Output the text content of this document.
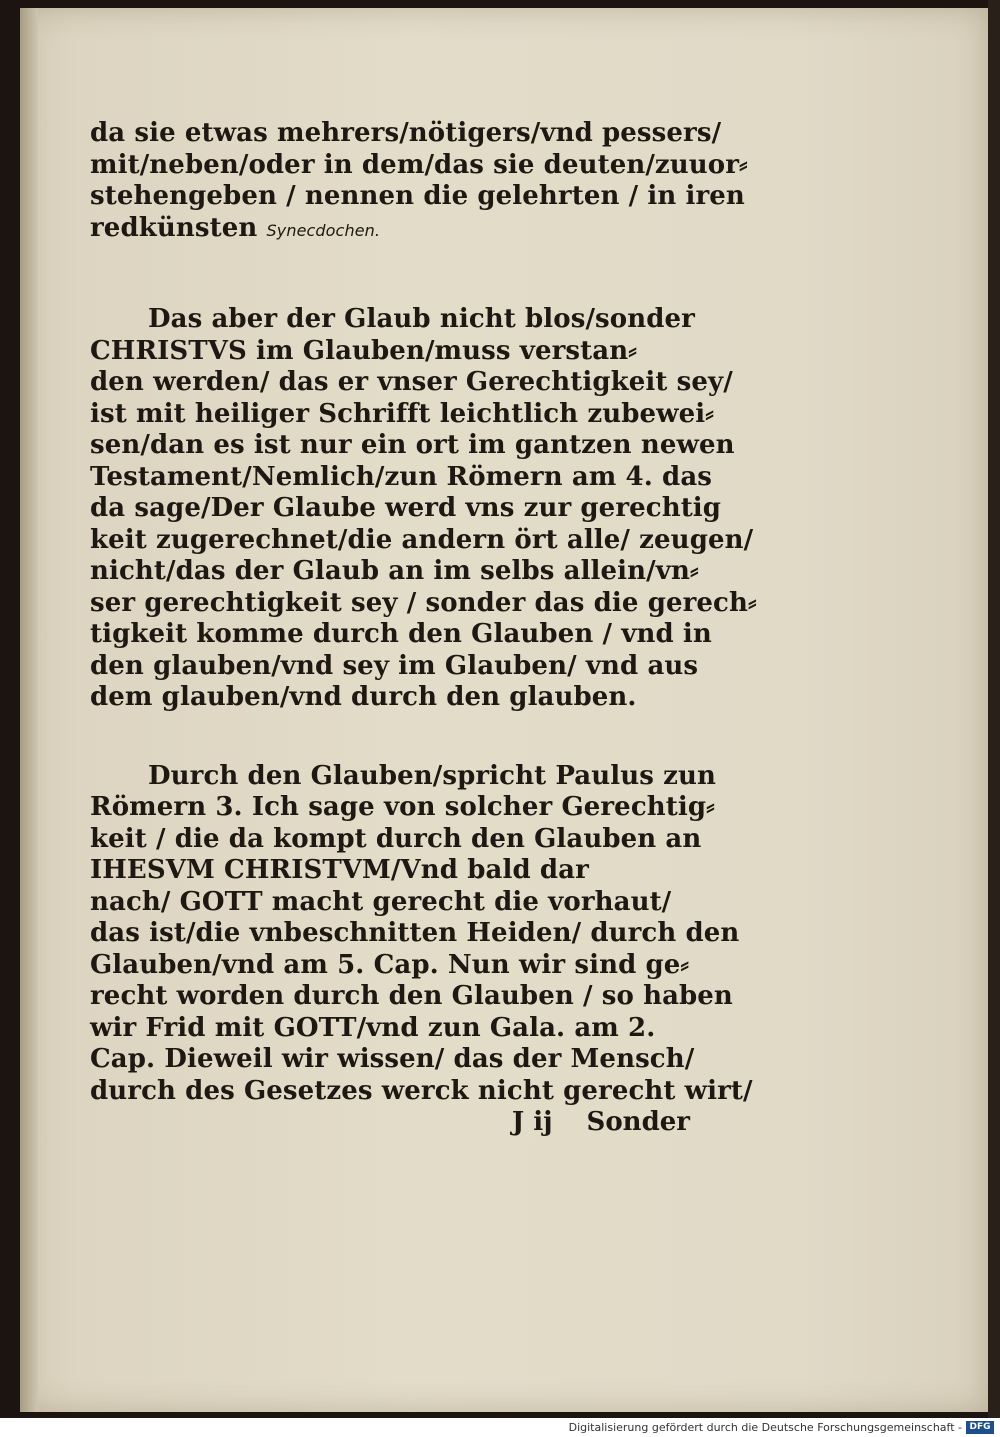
da sie etwas mehrers/nötigers/vnd pessers/
mit/neben/oder in dem/das sie deuten/zuuor⸗
stehengeben / nennen die gelehrten / in iren
redkünsten Synecdochen.
Das aber der Glaub nicht blos/sonder
CHRISTVS im Glauben/muss verstan⸗
den werden/ das er vnser Gerechtigkeit sey/
ist mit heiliger Schrifft leichtlich zubewei⸗
sen/dan es ist nur ein ort im gantzen newen
Testament/Nemlich/zun Römern am 4. das
da sage/Der Glaube werd vns zur gerechtig
keit zugerechnet/die andern ört alle/ zeugen/
nicht/das der Glaub an im selbs allein/vn⸗
ser gerechtigkeit sey / sonder das die gerech⸗
tigkeit komme durch den Glauben / vnd in
den glauben/vnd sey im Glauben/ vnd aus
dem glauben/vnd durch den glauben.
Durch den Glauben/spricht Paulus zun
Römern 3. Ich sage von solcher Gerechtig⸗
keit / die da kompt durch den Glauben an
IHESVM CHRISTVM/Vnd bald dar
nach/ GOTT macht gerecht die vorhaut/
das ist/die vnbeschnitten Heiden/ durch den
Glauben/vnd am 5. Cap. Nun wir sind ge⸗
recht worden durch den Glauben / so haben
wir Frid mit GOTT/vnd zun Gala. am 2.
Cap. Dieweil wir wissen/ das der Mensch/
durch des Gesetzes werck nicht gerecht wirt/
J ij Sonder
Digitalisierung gefördert durch die Deutsche Forschungsgemeinschaft - DFG
